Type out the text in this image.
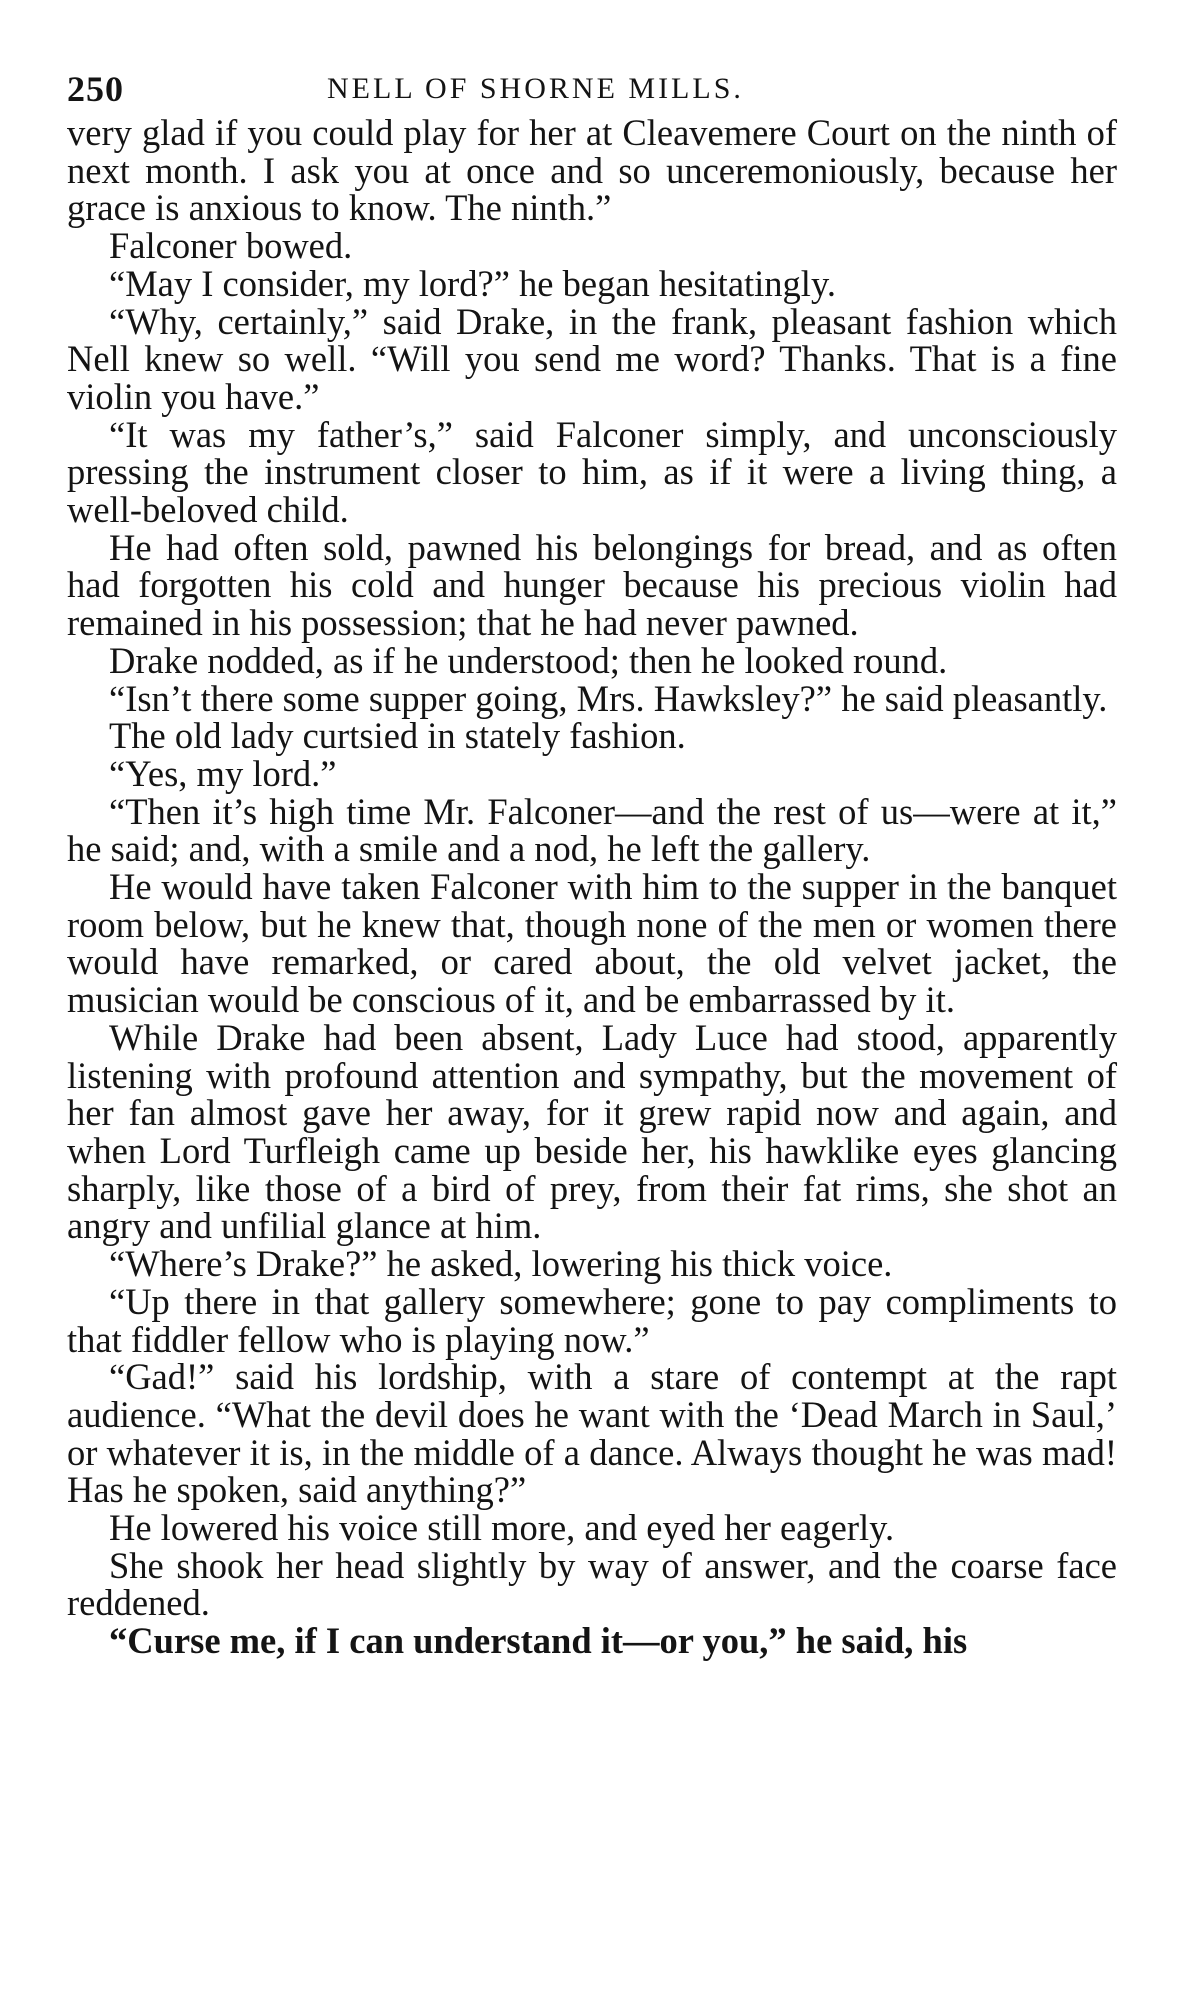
250	NELL OF SHORNE MILLS.

very glad if you could play for her at Cleavemere Court on the ninth of next month. I ask you at once and so unceremoniously, because her grace is anxious to know. The ninth.”

Falconer bowed.

“May I consider, my lord?” he began hesitatingly.

“Why, certainly,” said Drake, in the frank, pleasant fashion which Nell knew so well. “Will you send me word? Thanks. That is a fine violin you have.”

“It was my father’s,” said Falconer simply, and unconsciously pressing the instrument closer to him, as if it were a living thing, a well-beloved child.

He had often sold, pawned his belongings for bread, and as often had forgotten his cold and hunger because his precious violin had remained in his possession; that he had never pawned.

Drake nodded, as if he understood; then he looked round.

“Isn’t there some supper going, Mrs. Hawksley?” he said pleasantly.

The old lady curtsied in stately fashion.

“Yes, my lord.”

“Then it’s high time Mr. Falconer—and the rest of us—were at it,” he said; and, with a smile and a nod, he left the gallery.

He would have taken Falconer with him to the supper in the banquet room below, but he knew that, though none of the men or women there would have remarked, or cared about, the old velvet jacket, the musician would be conscious of it, and be embarrassed by it.

While Drake had been absent, Lady Luce had stood, apparently listening with profound attention and sympathy, but the movement of her fan almost gave her away, for it grew rapid now and again, and when Lord Turfleigh came up beside her, his hawklike eyes glancing sharply, like those of a bird of prey, from their fat rims, she shot an angry and unfilial glance at him.

“Where’s Drake?” he asked, lowering his thick voice.

“Up there in that gallery somewhere; gone to pay compliments to that fiddler fellow who is playing now.”

“Gad!” said his lordship, with a stare of contempt at the rapt audience. “What the devil does he want with the ‘Dead March in Saul,’ or whatever it is, in the middle of a dance. Always thought he was mad! Has he spoken, said anything?”

He lowered his voice still more, and eyed her eagerly.

She shook her head slightly by way of answer, and the coarse face reddened.

“Curse me, if I can understand it—or you,” he said, his
